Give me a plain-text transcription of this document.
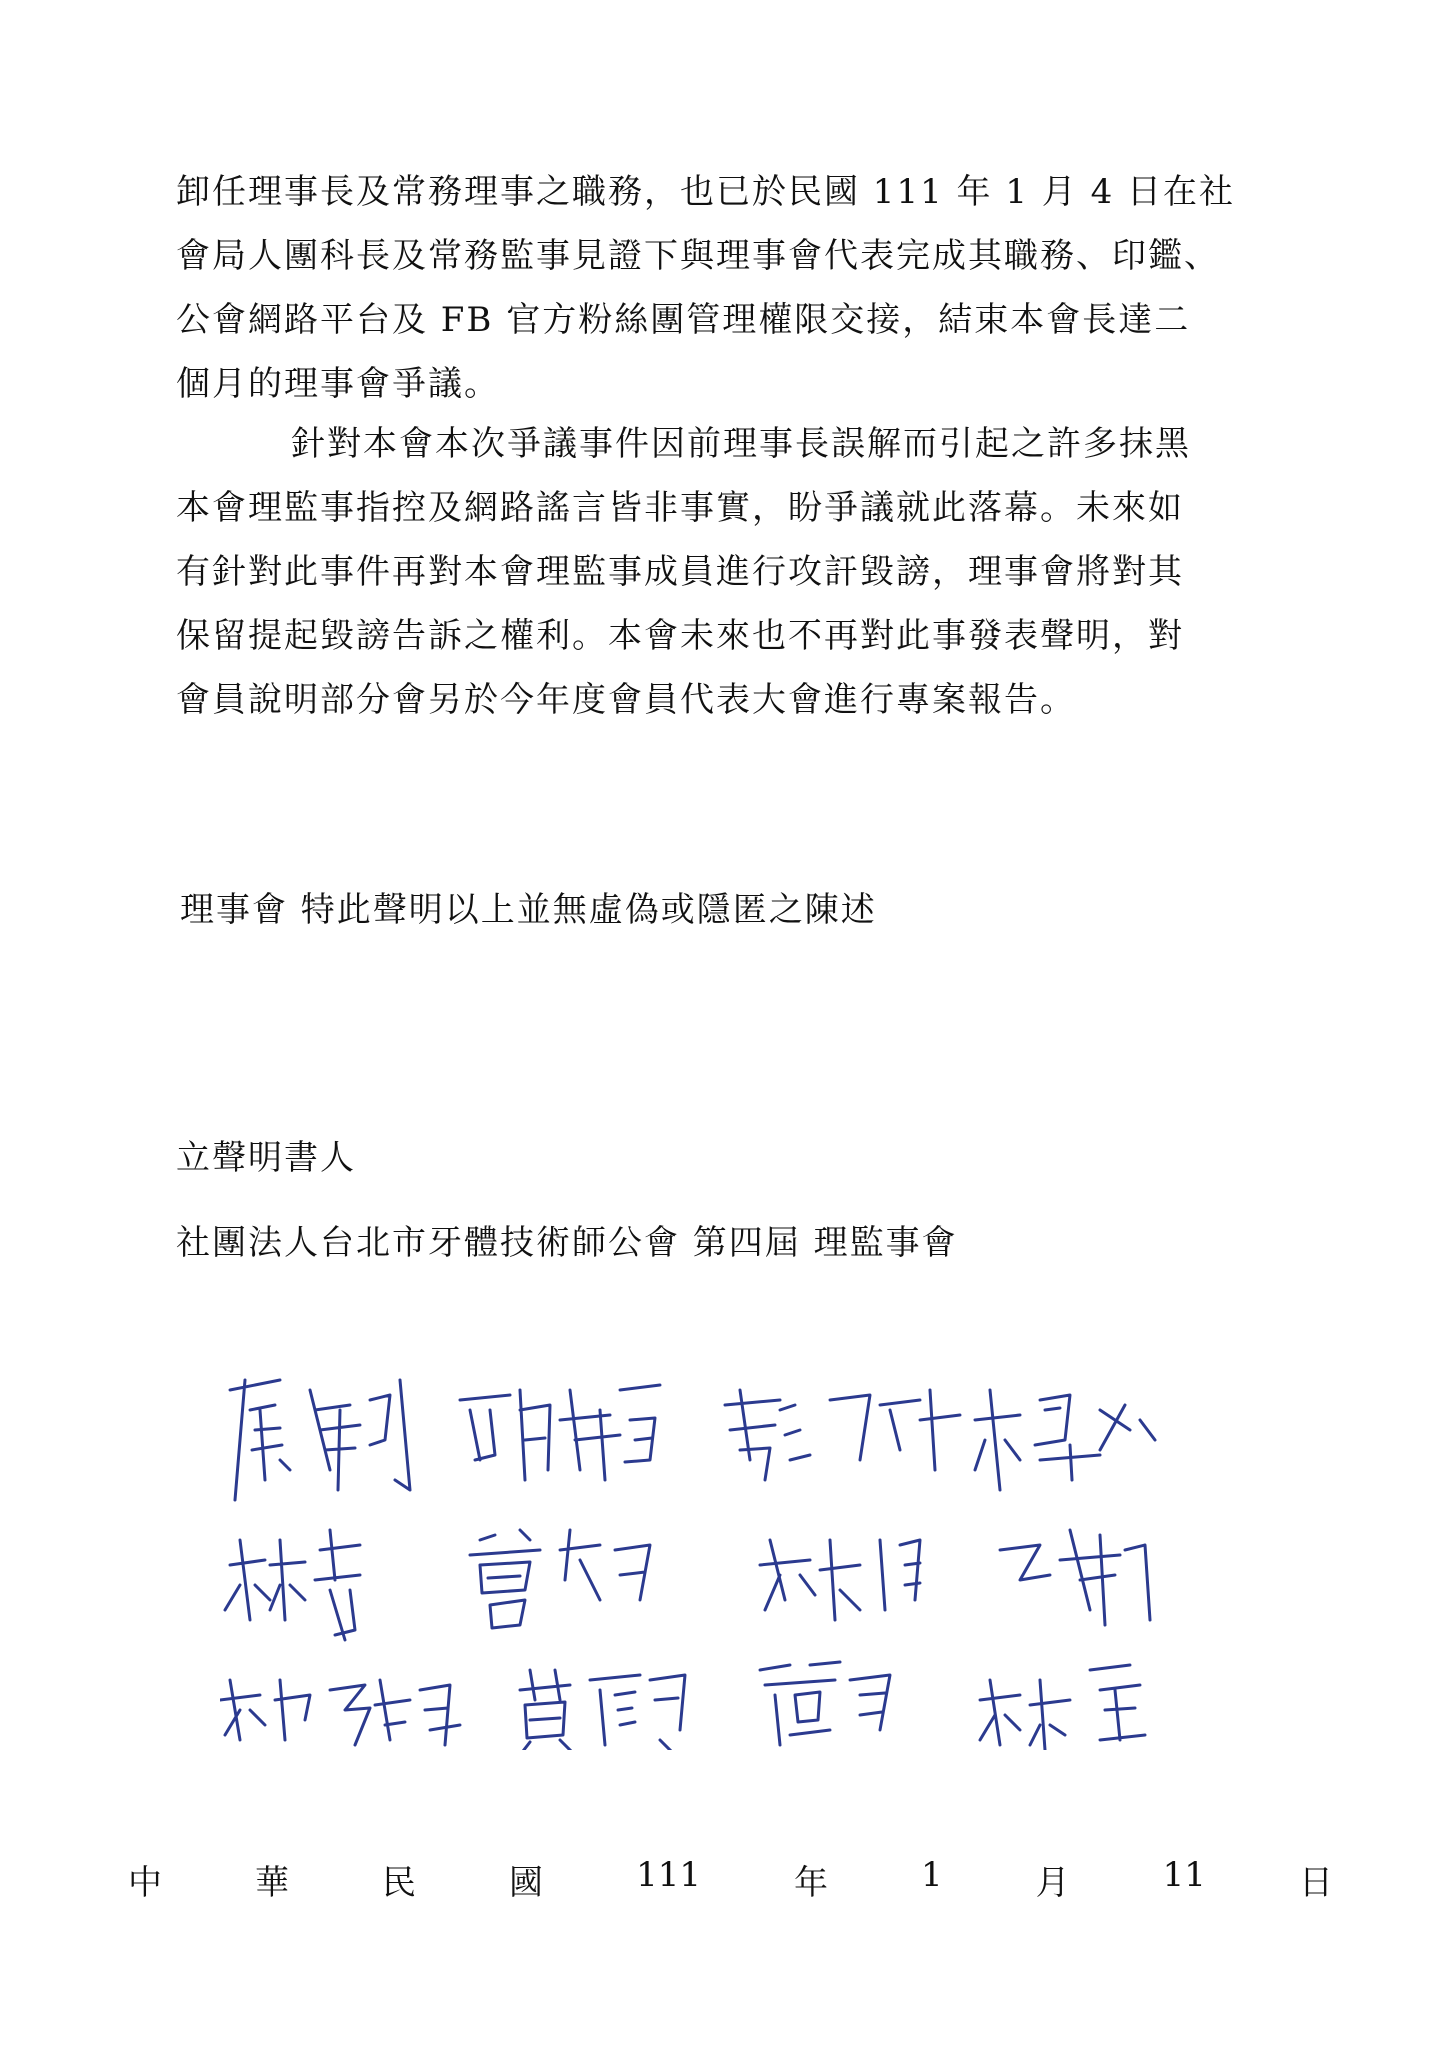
卸任理事長及常務理事之職務，也已於民國 111 年 1 月 4 日在社
會局人團科長及常務監事見證下與理事會代表完成其職務、印鑑、
公會網路平台及 FB 官方粉絲團管理權限交接，結束本會長達二
個月的理事會爭議。
針對本會本次爭議事件因前理事長誤解而引起之許多抹黑
本會理監事指控及網路謠言皆非事實，盼爭議就此落幕。未來如
有針對此事件再對本會理監事成員進行攻訐毀謗，理事會將對其
保留提起毀謗告訴之權利。本會未來也不再對此事發表聲明，對
會員說明部分會另於今年度會員代表大會進行專案報告。
理事會 特此聲明以上並無虛偽或隱匿之陳述
立聲明書人
社團法人台北市牙體技術師公會 第四屆 理監事會
中	華	民	國	111	年	1	月	11	日
